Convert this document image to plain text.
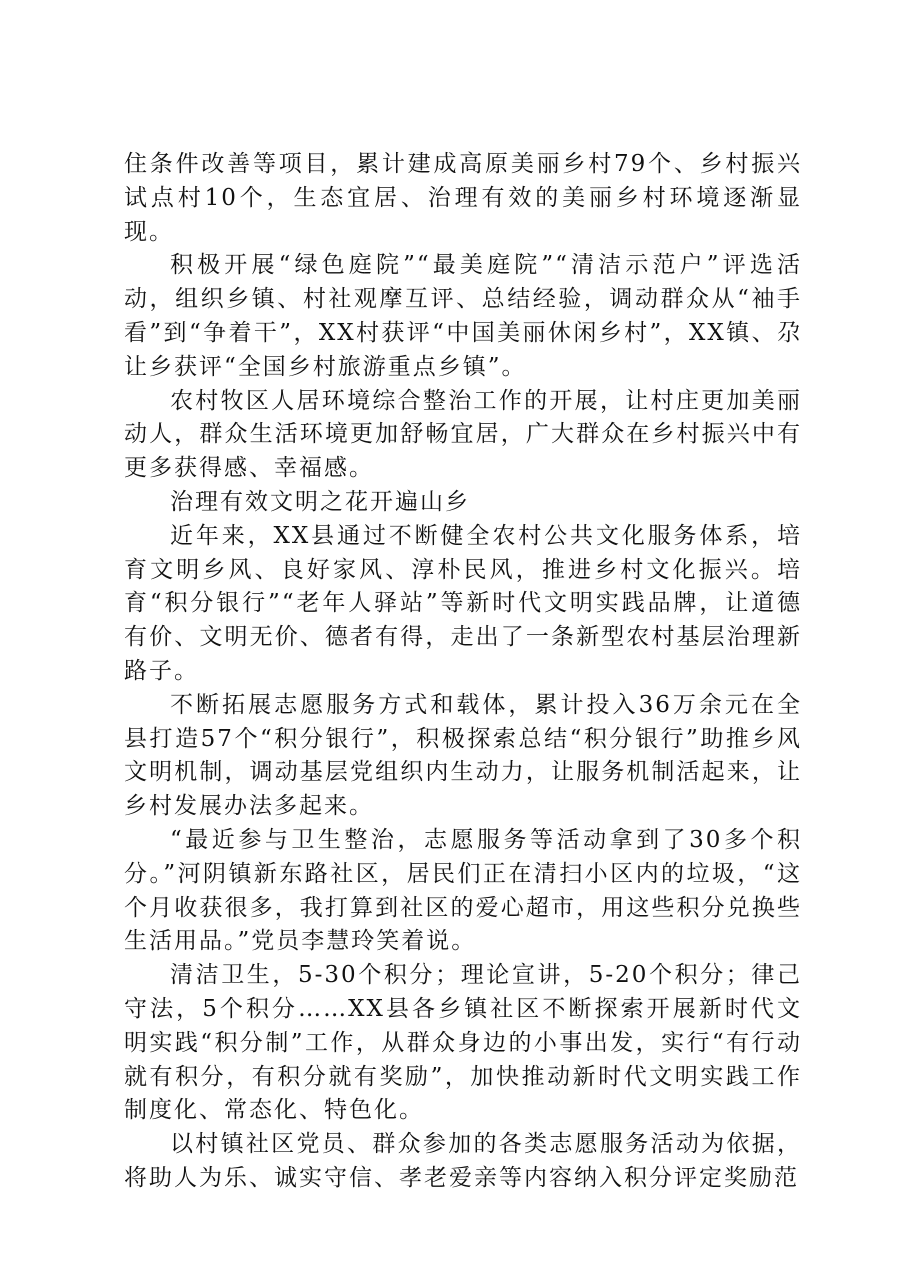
住条件改善等项目，累计建成高原美丽乡村79个、乡村振兴试点村10个，生态宜居、治理有效的美丽乡村环境逐渐显现。

积极开展“绿色庭院”“最美庭院”“清洁示范户”评选活动，组织乡镇、村社观摩互评、总结经验，调动群众从“袖手看”到“争着干”，XX村获评“中国美丽休闲乡村”，XX镇、尕让乡获评“全国乡村旅游重点乡镇”。

农村牧区人居环境综合整治工作的开展，让村庄更加美丽动人，群众生活环境更加舒畅宜居，广大群众在乡村振兴中有更多获得感、幸福感。

治理有效文明之花开遍山乡

近年来，XX县通过不断健全农村公共文化服务体系，培育文明乡风、良好家风、淳朴民风，推进乡村文化振兴。培育“积分银行”“老年人驿站”等新时代文明实践品牌，让道德有价、文明无价、德者有得，走出了一条新型农村基层治理新路子。

不断拓展志愿服务方式和载体，累计投入36万余元在全县打造57个“积分银行”，积极探索总结“积分银行”助推乡风文明机制，调动基层党组织内生动力，让服务机制活起来，让乡村发展办法多起来。

“最近参与卫生整治，志愿服务等活动拿到了30多个积分。”河阴镇新东路社区，居民们正在清扫小区内的垃圾，“这个月收获很多，我打算到社区的爱心超市，用这些积分兑换些生活用品。”党员李慧玲笑着说。

清洁卫生，5-30个积分；理论宣讲，5-20个积分；律己守法，5个积分……XX县各乡镇社区不断探索开展新时代文明实践“积分制”工作，从群众身边的小事出发，实行“有行动就有积分，有积分就有奖励”，加快推动新时代文明实践工作制度化、常态化、特色化。

以村镇社区党员、群众参加的各类志愿服务活动为依据，将助人为乐、诚实守信、孝老爱亲等内容纳入积分评定奖励范
